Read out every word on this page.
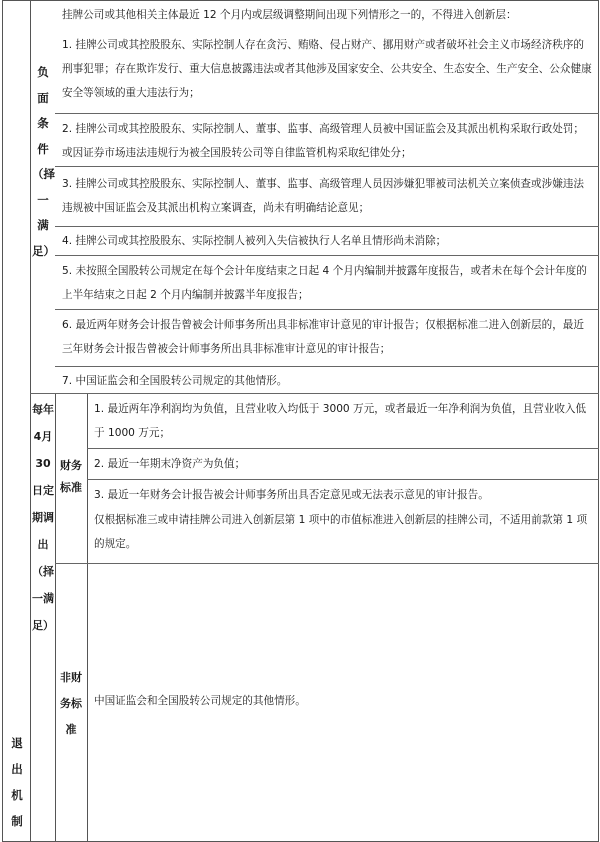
负面条件（择一满足）
挂牌公司或其他相关主体最近 12 个月内或层级调整期间出现下列情形之一的，不得进入创新层：
1. 挂牌公司或其控股股东、实际控制人存在贪污、贿赂、侵占财产、挪用财产或者破坏社会主义市场经济秩序的刑事犯罪；存在欺诈发行、重大信息披露违法或者其他涉及国家安全、公共安全、生态安全、生产安全、公众健康安全等领域的重大违法行为；
2. 挂牌公司或其控股股东、实际控制人、董事、监事、高级管理人员被中国证监会及其派出机构采取行政处罚；或因证券市场违法违规行为被全国股转公司等自律监管机构采取纪律处分；
3. 挂牌公司或其控股股东、实际控制人、董事、监事、高级管理人员因涉嫌犯罪被司法机关立案侦查或涉嫌违法违规被中国证监会及其派出机构立案调查，尚未有明确结论意见；
4. 挂牌公司或其控股股东、实际控制人被列入失信被执行人名单且情形尚未消除；
5. 未按照全国股转公司规定在每个会计年度结束之日起 4 个月内编制并披露年度报告，或者未在每个会计年度的上半年结束之日起 2 个月内编制并披露半年度报告；
6. 最近两年财务会计报告曾被会计师事务所出具非标准审计意见的审计报告；仅根据标准二进入创新层的，最近三年财务会计报告曾被会计师事务所出具非标准审计意见的审计报告；
7. 中国证监会和全国股转公司规定的其他情形。
退出机制
每年4月30日定期调出（择一满足）
财务标准
1. 最近两年净利润均为负值，且营业收入均低于 3000 万元，或者最近一年净利润为负值，且营业收入低于 1000 万元；
2. 最近一年期末净资产为负值；
3. 最近一年财务会计报告被会计师事务所出具否定意见或无法表示意见的审计报告。
仅根据标准三或申请挂牌公司进入创新层第 1 项中的市值标准进入创新层的挂牌公司，不适用前款第 1 项的规定。
非财务标准
中国证监会和全国股转公司规定的其他情形。
